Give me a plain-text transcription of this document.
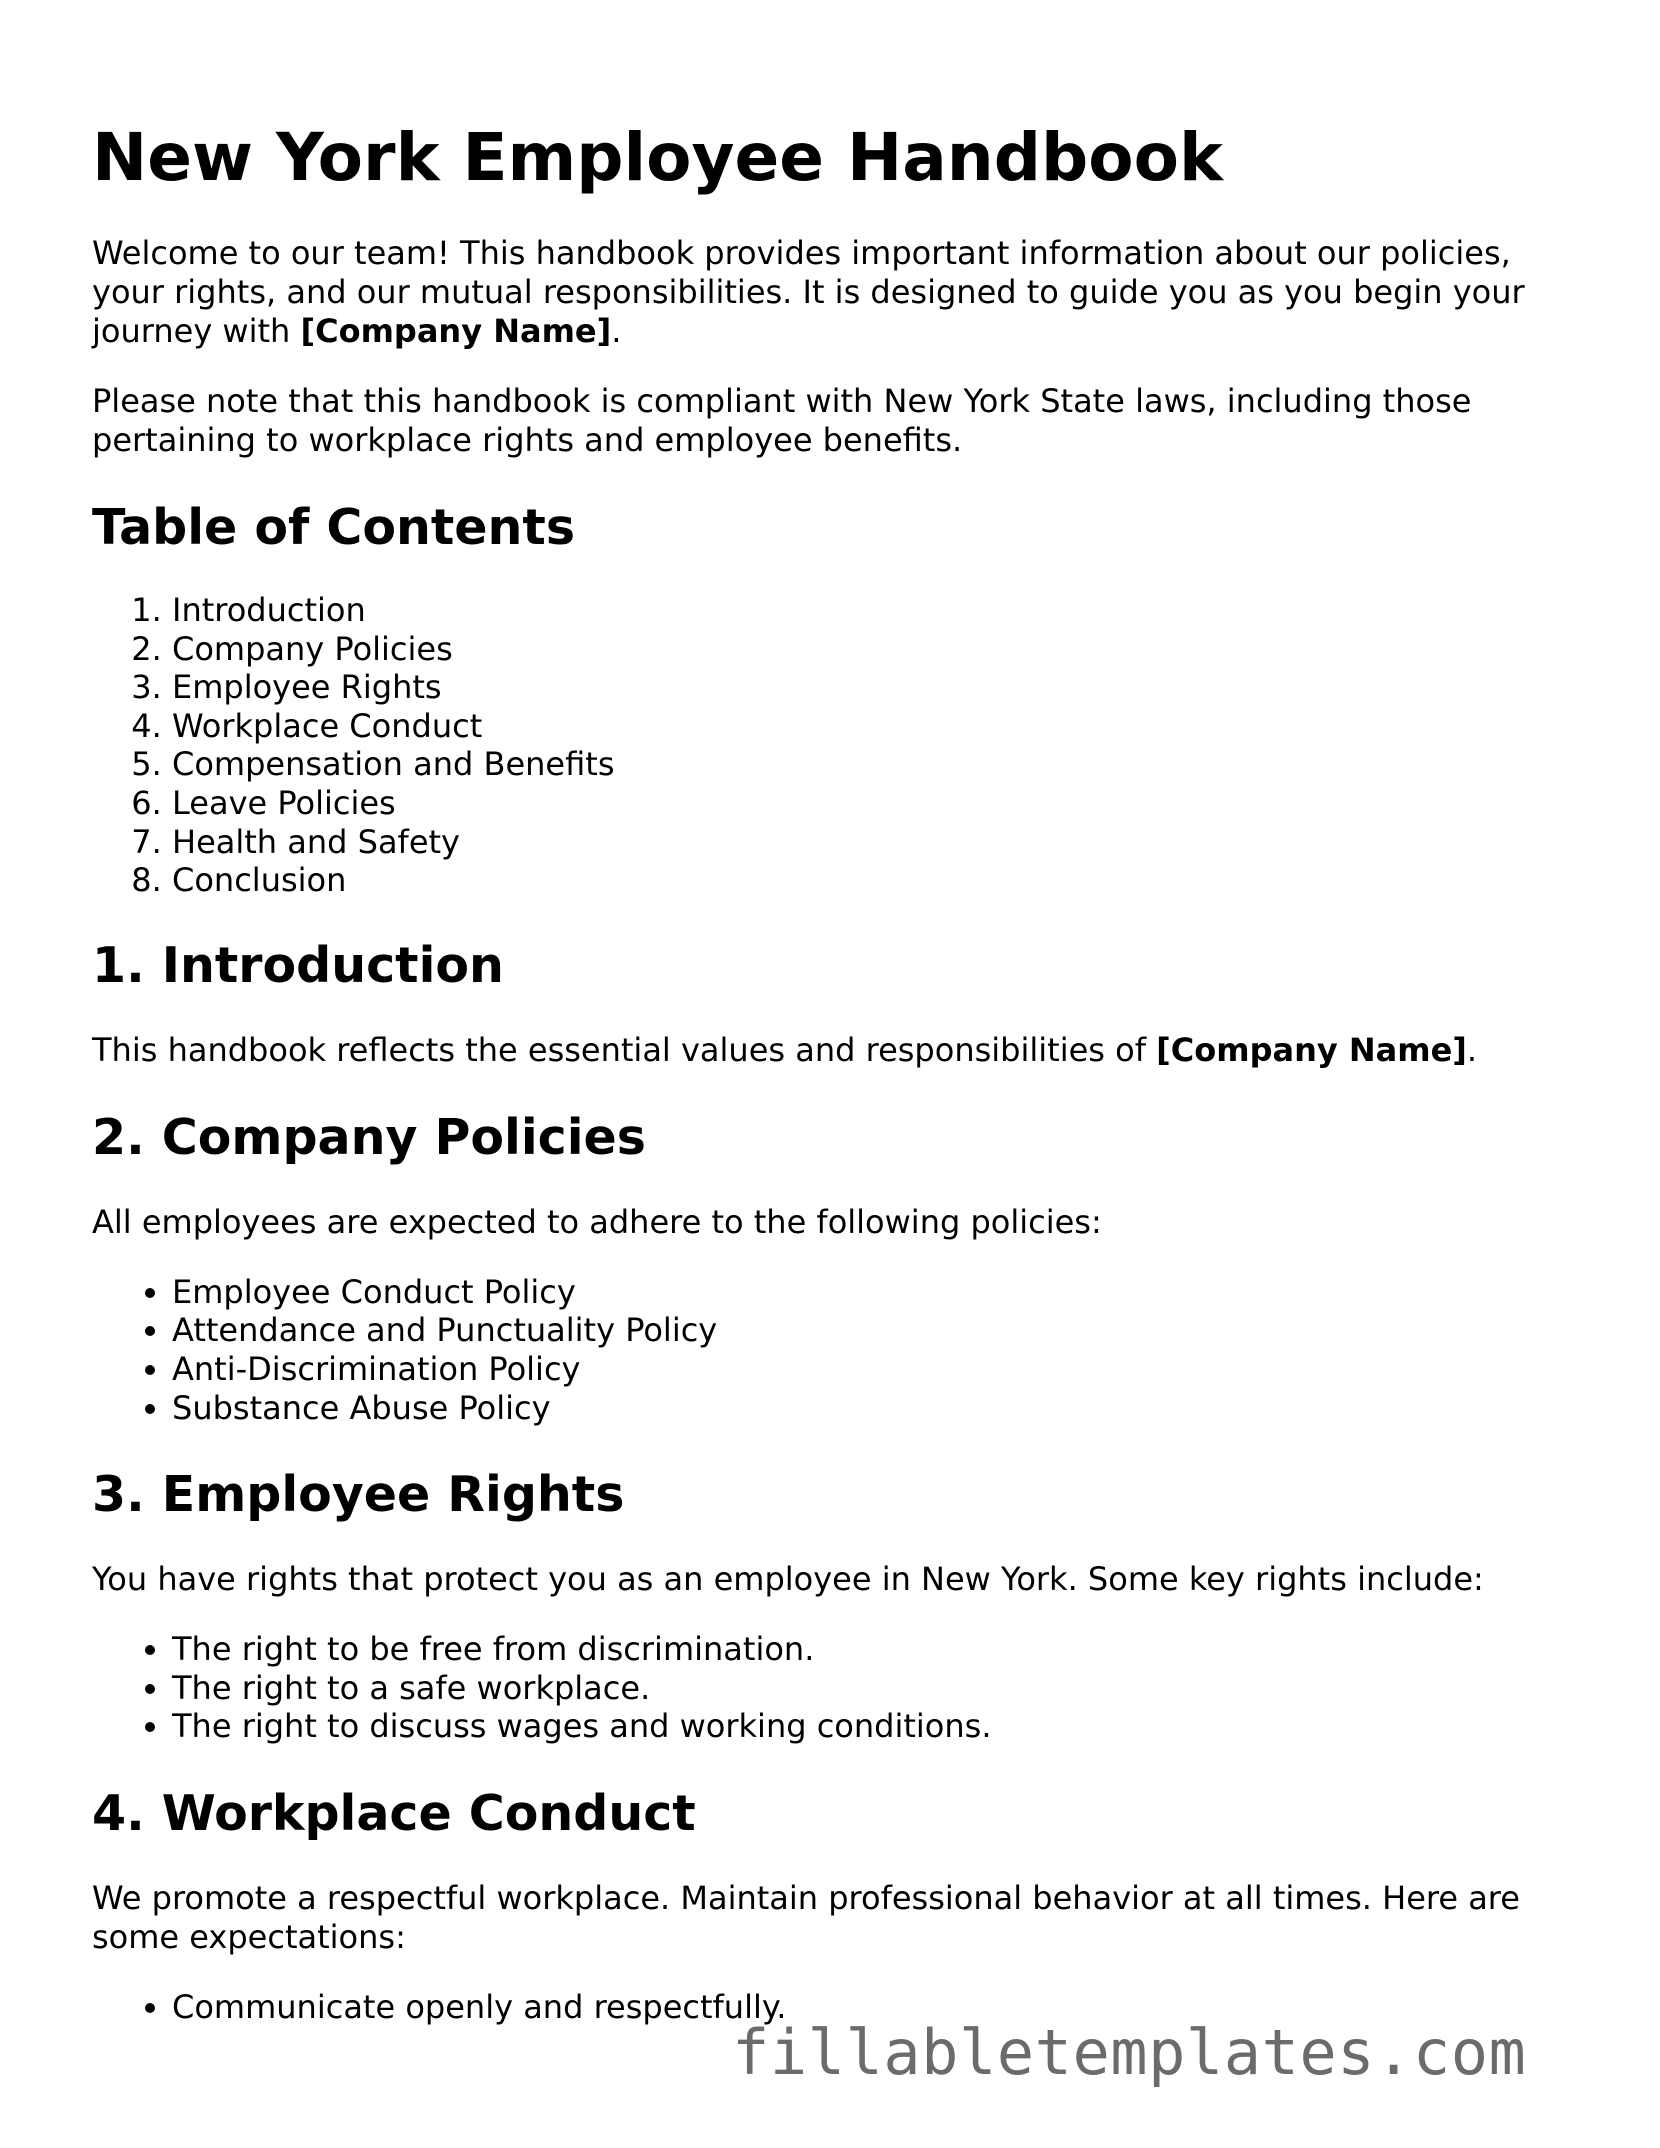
New York Employee Handbook

Welcome to our team! This handbook provides important information about our policies, your rights, and our mutual responsibilities. It is designed to guide you as you begin your journey with [Company Name].

Please note that this handbook is compliant with New York State laws, including those pertaining to workplace rights and employee benefits.

Table of Contents
1. Introduction
2. Company Policies
3. Employee Rights
4. Workplace Conduct
5. Compensation and Benefits
6. Leave Policies
7. Health and Safety
8. Conclusion
1. Introduction

This handbook reflects the essential values and responsibilities of [Company Name].

2. Company Policies

All employees are expected to adhere to the following policies:

• Employee Conduct Policy
• Attendance and Punctuality Policy
• Anti-Discrimination Policy
• Substance Abuse Policy
3. Employee Rights

You have rights that protect you as an employee in New York. Some key rights include:

• The right to be free from discrimination.
• The right to a safe workplace.
• The right to discuss wages and working conditions.
4. Workplace Conduct

We promote a respectful workplace. Maintain professional behavior at all times. Here are some expectations:

• Communicate openly and respectfully.
fillabletemplates.com
